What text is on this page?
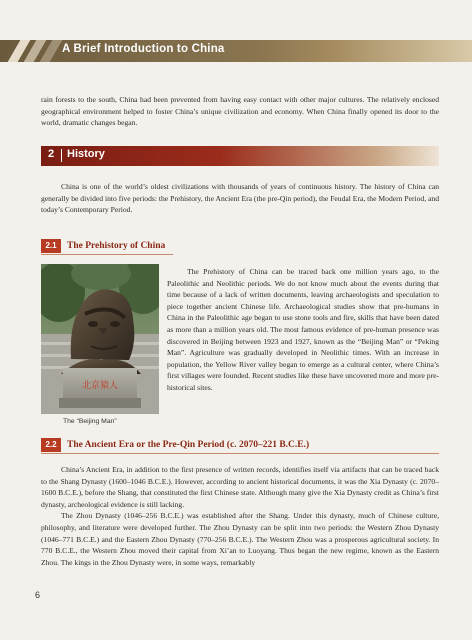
A Brief Introduction to China

rain forests to the south, China had been prevented from having easy contact with other major cultures. The relatively enclosed geographical environment helped to foster China’s unique civilization and economy. When China finally opened its door to the world, dramatic changes began.

2 History

China is one of the world’s oldest civilizations with thousands of years of continuous history. The history of China can generally be divided into five periods: the Prehistory, the Ancient Era (the pre-Qin period), the Feudal Era, the Modern Period, and today’s Contemporary Period.

2.1	The Prehistory of China
北京猿人
The “Beijing Man”

The Prehistory of China can be traced back one million years ago, to the Paleolithic and Neolithic periods. We do not know much about the events during that time because of a lack of written documents, leaving archaeologists and speculation to piece together ancient Chinese life. Archaeological studies show that pre-humans in China in the Paleolithic age began to use stone tools and fire, skills that have been dated as more than a million years old. The most famous evidence of pre-human presence was discovered in Beijing between 1923 and 1927, known as the “Beijing Man” or “Peking Man”. Agriculture was gradually developed in Neolithic times. With an increase in population, the Yellow River valley began to emerge as a cultural center, where China’s first villages were founded. Recent studies like these have uncovered more and more pre-historical sites.

2.2	The Ancient Era or the Pre-Qin Period (c. 2070–221 B.C.E.)

China’s Ancient Era, in addition to the first presence of written records, identifies itself via artifacts that can be traced back to the Shang Dynasty (1600–1046 B.C.E.). However, according to ancient historical documents, it was the Xia Dynasty (c. 2070–1600 B.C.E.), before the Shang, that constituted the first Chinese state. Although many give the Xia Dynasty credit as China’s first dynasty, archeological evidence is still lacking.

The Zhou Dynasty (1046–256 B.C.E.) was established after the Shang. Under this dynasty, much of Chinese culture, philosophy, and literature were developed further. The Zhou Dynasty can be split into two periods: the Western Zhou Dynasty (1046–771 B.C.E.) and the Eastern Zhou Dynasty (770–256 B.C.E.). The Western Zhou was a prosperous agricultural society. In 770 B.C.E., the Western Zhou moved their capital from Xi’an to Luoyang. Thus began the new regime, known as the Eastern Zhou. The kings in the Zhou Dynasty were, in some ways, remarkably

6
